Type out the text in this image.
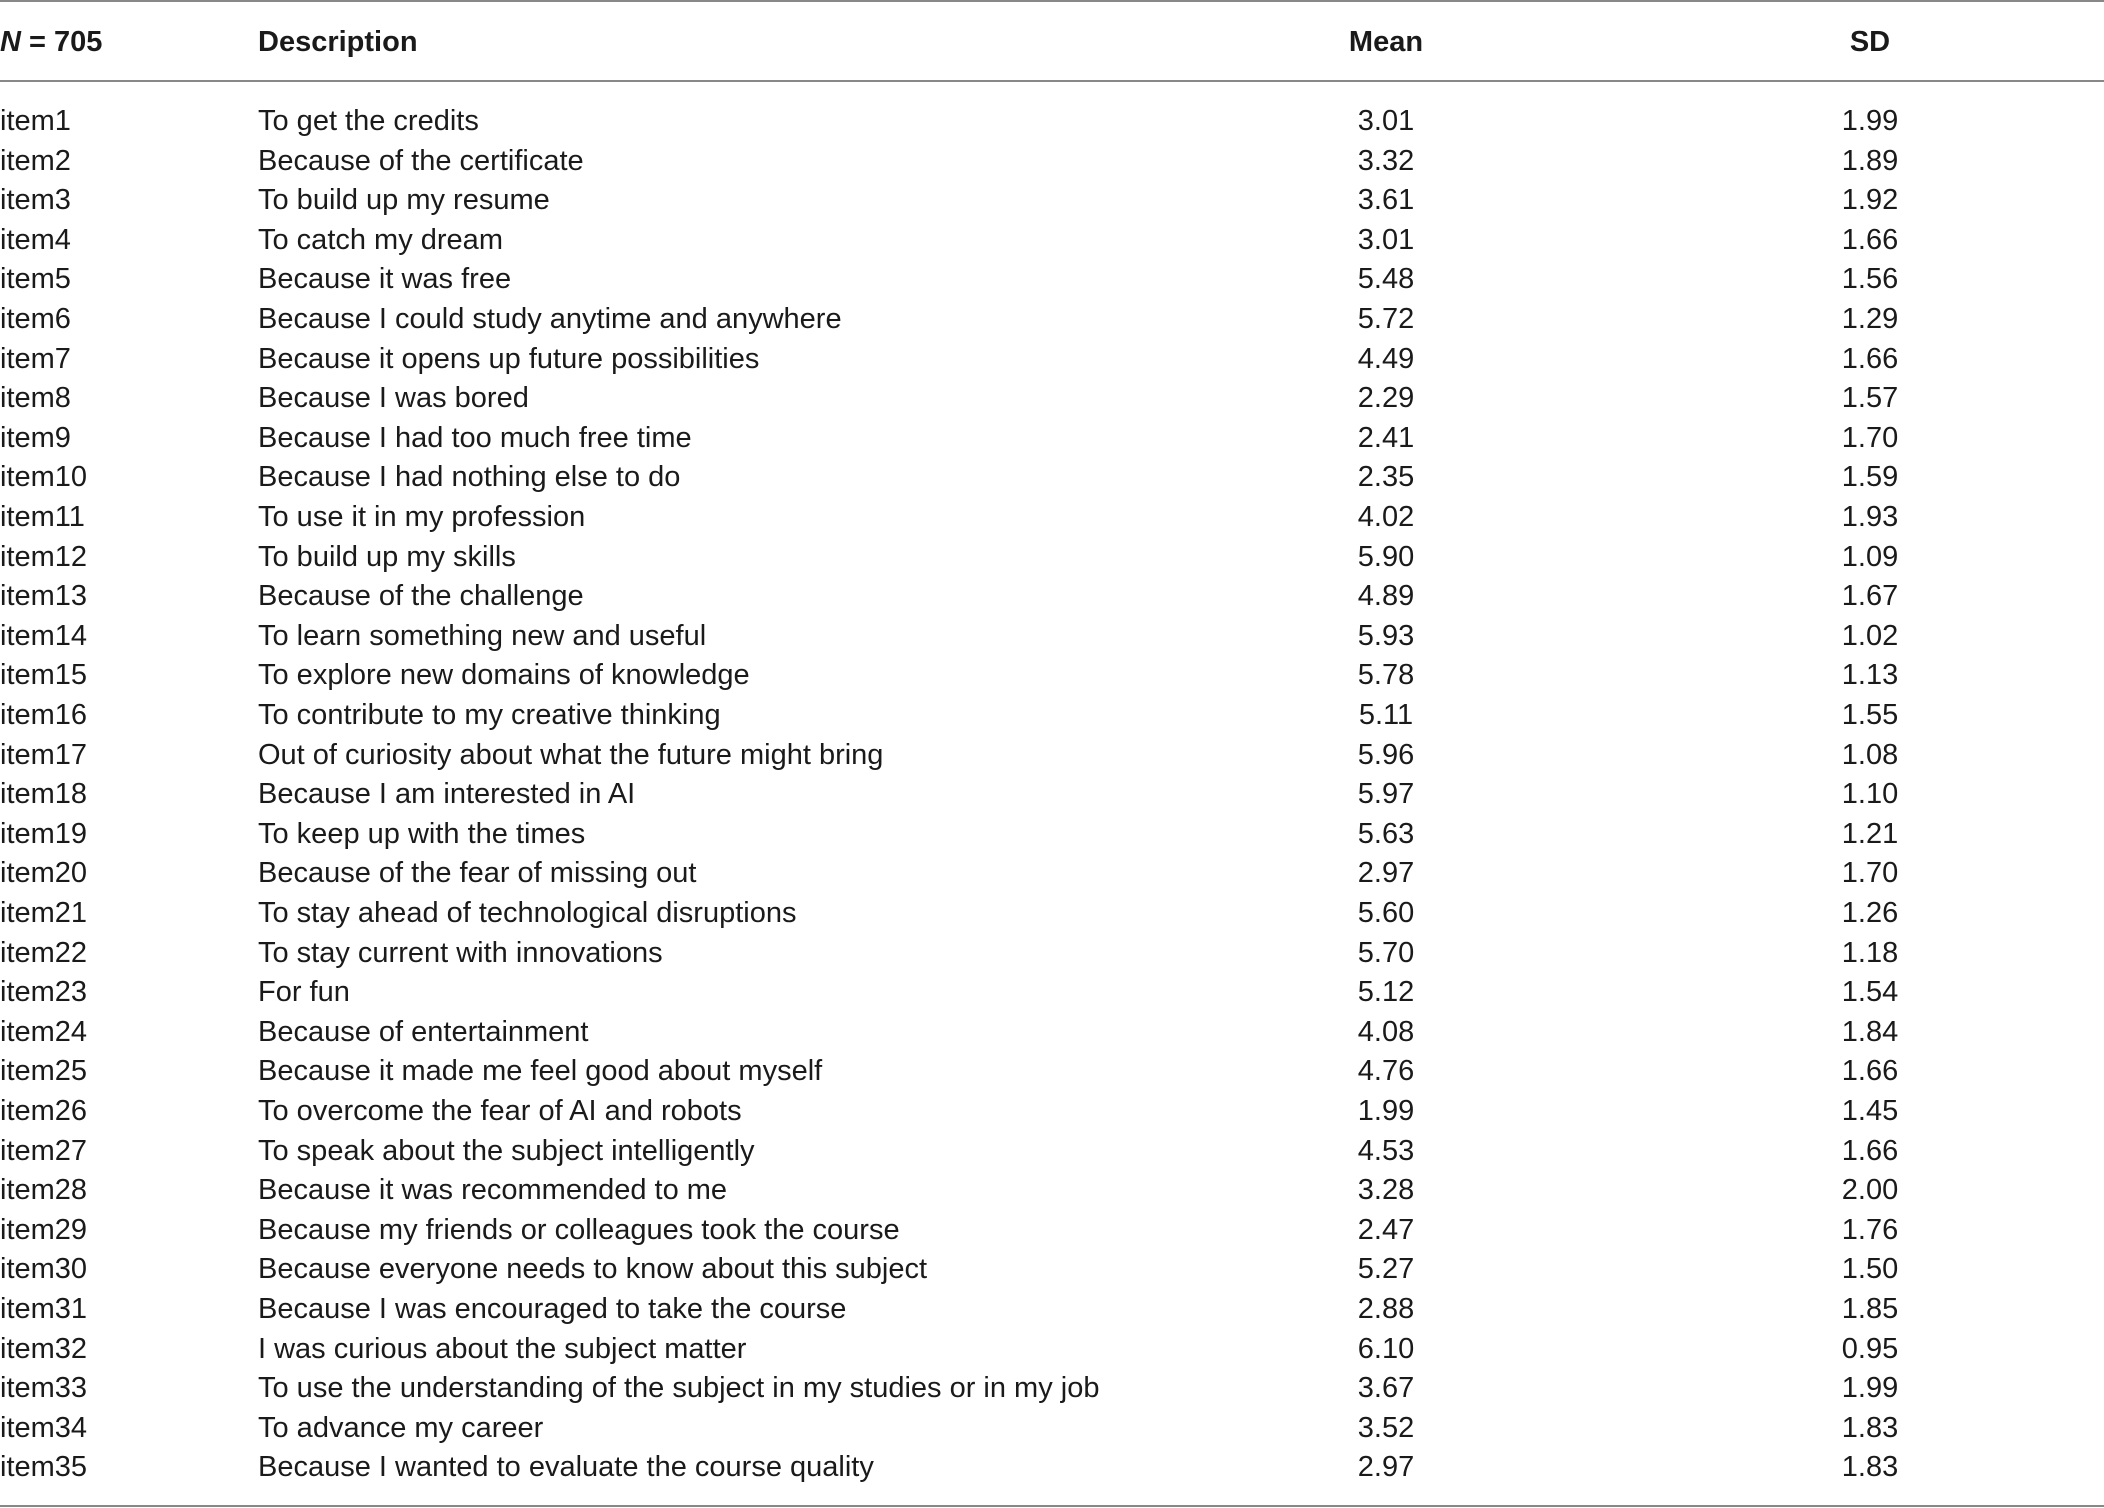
N = 705	Description	Mean	SD
item1	To get the credits	3.01	1.99
item2	Because of the certificate	3.32	1.89
item3	To build up my resume	3.61	1.92
item4	To catch my dream	3.01	1.66
item5	Because it was free	5.48	1.56
item6	Because I could study anytime and anywhere	5.72	1.29
item7	Because it opens up future possibilities	4.49	1.66
item8	Because I was bored	2.29	1.57
item9	Because I had too much free time	2.41	1.70
item10	Because I had nothing else to do	2.35	1.59
item11	To use it in my profession	4.02	1.93
item12	To build up my skills	5.90	1.09
item13	Because of the challenge	4.89	1.67
item14	To learn something new and useful	5.93	1.02
item15	To explore new domains of knowledge	5.78	1.13
item16	To contribute to my creative thinking	5.11	1.55
item17	Out of curiosity about what the future might bring	5.96	1.08
item18	Because I am interested in AI	5.97	1.10
item19	To keep up with the times	5.63	1.21
item20	Because of the fear of missing out	2.97	1.70
item21	To stay ahead of technological disruptions	5.60	1.26
item22	To stay current with innovations	5.70	1.18
item23	For fun	5.12	1.54
item24	Because of entertainment	4.08	1.84
item25	Because it made me feel good about myself	4.76	1.66
item26	To overcome the fear of AI and robots	1.99	1.45
item27	To speak about the subject intelligently	4.53	1.66
item28	Because it was recommended to me	3.28	2.00
item29	Because my friends or colleagues took the course	2.47	1.76
item30	Because everyone needs to know about this subject	5.27	1.50
item31	Because I was encouraged to take the course	2.88	1.85
item32	I was curious about the subject matter	6.10	0.95
item33	To use the understanding of the subject in my studies or in my job	3.67	1.99
item34	To advance my career	3.52	1.83
item35	Because I wanted to evaluate the course quality	2.97	1.83
